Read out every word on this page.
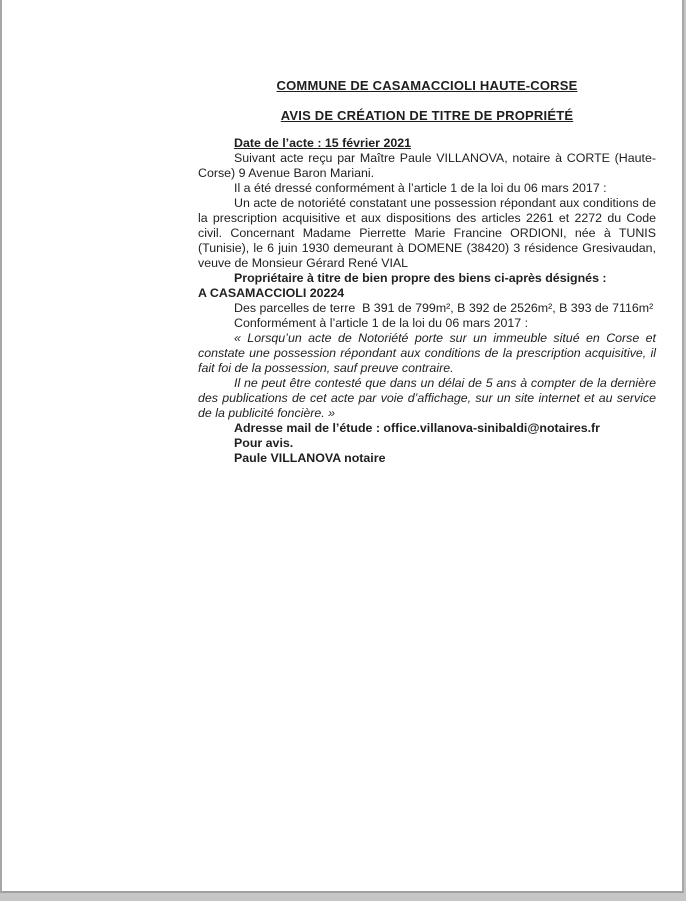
COMMUNE DE CASAMACCIOLI HAUTE-CORSE
AVIS DE CRÉATION DE TITRE DE PROPRIÉTÉ

Date de l’acte : 15 février 2021

Suivant acte reçu par Maître Paule VILLANOVA, notaire à CORTE (Haute-Corse) 9 Avenue Baron Mariani.

Il a été dressé conformément à l’article 1 de la loi du 06 mars 2017 :

Un acte de notoriété constatant une possession répondant aux conditions de la prescription acquisitive et aux dispositions des articles 2261 et 2272 du Code civil. Concernant Madame Pierrette Marie Francine ORDIONI, née à TUNIS (Tunisie), le 6 juin 1930 demeurant à DOMENE (38420) 3 résidence Gresivaudan, veuve de Monsieur Gérard René VIAL

Propriétaire à titre de bien propre des biens ci-après désignés :

A CASAMACCIOLI 20224

Des parcelles de terre  B 391 de 799m², B 392 de 2526m², B 393 de 7116m²

Conformément à l’article 1 de la loi du 06 mars 2017 :

« Lorsqu’un acte de Notoriété porte sur un immeuble situé en Corse et constate une possession répondant aux conditions de la prescription acquisitive, il fait foi de la possession, sauf preuve contraire.

Il ne peut être contesté que dans un délai de 5 ans à compter de la dernière des publications de cet acte par voie d’affichage, sur un site internet et au service de la publicité foncière. »

Adresse mail de l’étude : office.villanova-sinibaldi@notaires.fr

Pour avis.

Paule VILLANOVA notaire
